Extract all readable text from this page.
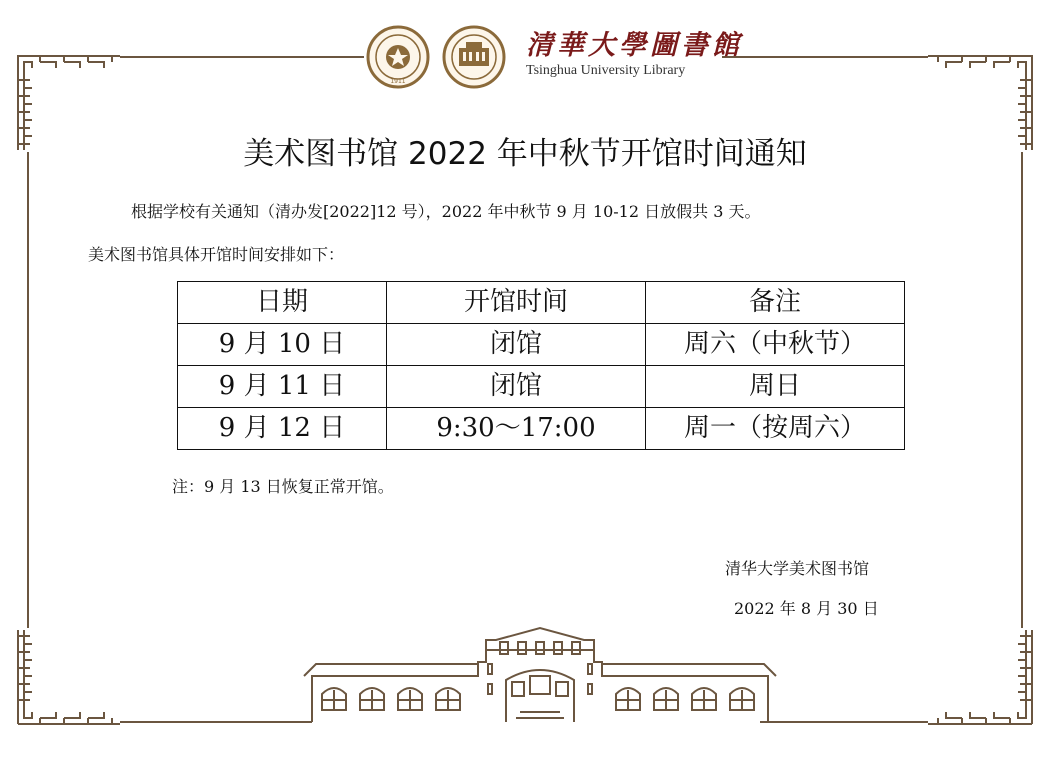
1911
清華大學圖書館
Tsinghua University Library
美术图书馆 2022 年中秋节开馆时间通知
根据学校有关通知（清办发[2022]12 号），2022 年中秋节 9 月 10-12 日放假共 3 天。
美术图书馆具体开馆时间安排如下：
日期	开馆时间	备注
9 月 10 日	闭馆	周六（中秋节）
9 月 11 日	闭馆	周日
9 月 12 日	9:30～17:00	周一（按周六）
注：9 月 13 日恢复正常开馆。
清华大学美术图书馆
2022 年 8 月 30 日
